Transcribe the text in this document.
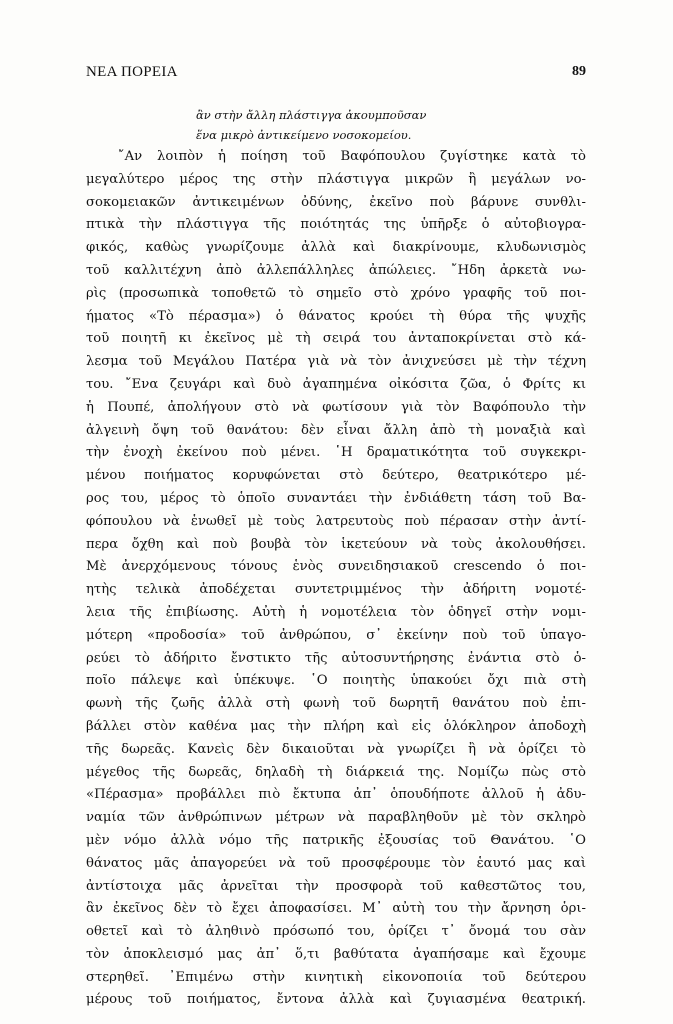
ΝΕΑ ΠΟΡΕΙΑ	89
ἂν στὴν ἄλλη πλάστιγγα ἀκουμποῦσαν
ἕνα μικρὸ ἀντικείμενο νοσοκομείου.
῎Αν λοιπὸν ἡ ποίηση τοῦ Βαφόπουλου ζυγίστηκε κατὰ τὸ
μεγαλύτερο μέρος της στὴν πλάστιγγα μικρῶν ἢ μεγάλων νο-
σοκομειακῶν ἀντικειμένων ὀδύνης, ἐκεῖνο ποὺ βάρυνε συνθλι-
πτικὰ τὴν πλάστιγγα τῆς ποιότητάς της ὑπῆρξε ὁ αὐτοβιογρα-
φικός, καθὼς γνωρίζουμε ἀλλὰ καὶ διακρίνουμε, κλυδωνισμὸς
τοῦ καλλιτέχνη ἀπὸ ἀλλεπάλληλες ἀπώλειες. ῎Ηδη ἀρκετὰ νω-
ρὶς (προσωπικὰ τοποθετῶ τὸ σημεῖο στὸ χρόνο γραφῆς τοῦ ποι-
ήματος «Τὸ πέρασμα») ὁ θάνατος κρούει τὴ θύρα τῆς ψυχῆς
τοῦ ποιητῆ κι ἐκεῖνος μὲ τὴ σειρά του ἀνταποκρίνεται στὸ κά-
λεσμα τοῦ Μεγάλου Πατέρα γιὰ νὰ τὸν ἀνιχνεύσει μὲ τὴν τέχνη
του. ῎Ενα ζευγάρι καὶ δυὸ ἀγαπημένα οἰκόσιτα ζῶα, ὁ Φρίτς κι
ἡ Πουπέ, ἀπολήγουν στὸ νὰ φωτίσουν γιὰ τὸν Βαφόπουλο τὴν
ἀλγεινὴ ὄψη τοῦ θανάτου: δὲν εἶναι ἄλλη ἀπὸ τὴ μοναξιὰ καὶ
τὴν ἐνοχὴ ἐκείνου ποὺ μένει. ῾Η δραματικότητα τοῦ συγκεκρι-
μένου ποιήματος κορυφώνεται στὸ δεύτερο, θεατρικότερο μέ-
ρος του, μέρος τὸ ὁποῖο συναντάει τὴν ἐνδιάθετη τάση τοῦ Βα-
φόπουλου νὰ ἑνωθεῖ μὲ τοὺς λατρευτοὺς ποὺ πέρασαν στὴν ἀντί-
περα ὄχθη καὶ ποὺ βουβὰ τὸν ἱκετεύουν νὰ τοὺς ἀκολουθήσει.
Μὲ ἀνερχόμενους τόνους ἑνὸς συνειδησιακοῦ crescendo ὁ ποι-
ητὴς τελικὰ ἀποδέχεται συντετριμμένος τὴν ἀδήριτη νομοτέ-
λεια τῆς ἐπιβίωσης. Αὐτὴ ἡ νομοτέλεια τὸν ὁδηγεῖ στὴν νομι-
μότερη «προδοσία» τοῦ ἀνθρώπου, σ᾿ ἐκείνην ποὺ τοῦ ὑπαγο-
ρεύει τὸ ἀδήριτο ἔνστικτο τῆς αὐτοσυντήρησης ἐνάντια στὸ ὁ-
ποῖο πάλεψε καὶ ὑπέκυψε. ῾Ο ποιητὴς ὑπακούει ὄχι πιὰ στὴ
φωνὴ τῆς ζωῆς ἀλλὰ στὴ φωνὴ τοῦ δωρητῆ θανάτου ποὺ ἐπι-
βάλλει στὸν καθένα μας τὴν πλήρη καὶ εἰς ὁλόκληρον ἀποδοχὴ
τῆς δωρεᾶς. Κανεὶς δὲν δικαιοῦται νὰ γνωρίζει ἢ νὰ ὁρίζει τὸ
μέγεθος τῆς δωρεᾶς, δηλαδὴ τὴ διάρκειά της. Νομίζω πὼς στὸ
«Πέρασμα» προβάλλει πιὸ ἔκτυπα ἀπ᾿ ὁπουδήποτε ἀλλοῦ ἡ ἀδυ-
ναμία τῶν ἀνθρώπινων μέτρων νὰ παραβληθοῦν μὲ τὸν σκληρὸ
μὲν νόμο ἀλλὰ νόμο τῆς πατρικῆς ἐξουσίας τοῦ Θανάτου. ῾Ο
θάνατος μᾶς ἀπαγορεύει νὰ τοῦ προσφέρουμε τὸν ἑαυτό μας καὶ
ἀντίστοιχα μᾶς ἀρνεῖται τὴν προσφορὰ τοῦ καθεστῶτος του,
ἂν ἐκεῖνος δὲν τὸ ἔχει ἀποφασίσει. Μ᾿ αὐτὴ του τὴν ἄρνηση ὁρι-
οθετεῖ καὶ τὸ ἀληθινὸ πρόσωπό του, ὁρίζει τ᾿ ὄνομά του σὰν
τὸν ἀποκλεισμό μας ἀπ᾿ ὅ,τι βαθύτατα ἀγαπήσαμε καὶ ἔχουμε
στερηθεῖ. ᾿Επιμένω στὴν κινητικὴ εἰκονοποιία τοῦ δεύτερου
μέρους τοῦ ποιήματος, ἔντονα ἀλλὰ καὶ ζυγιασμένα θεατρική.
